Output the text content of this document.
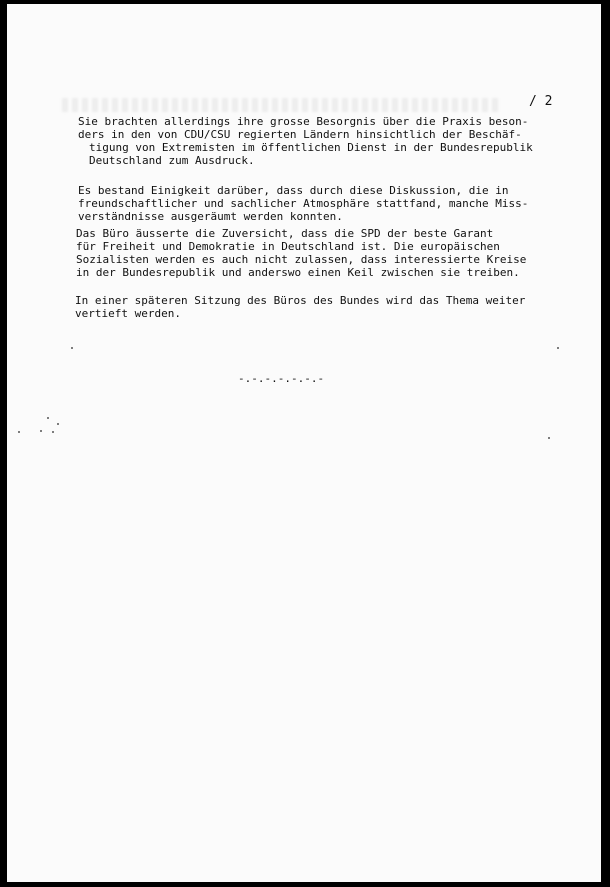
/ 2
Sie brachten allerdings ihre grosse Besorgnis über die Praxis beson-
ders in den von CDU/CSU regierten Ländern hinsichtlich der Beschäf-
tigung von Extremisten im öffentlichen Dienst in der Bundesrepublik
Deutschland zum Ausdruck.
Es bestand Einigkeit darüber, dass durch diese Diskussion, die in
freundschaftlicher und sachlicher Atmosphäre stattfand, manche Miss-
verständnisse ausgeräumt werden konnten.
Das Büro äusserte die Zuversicht, dass die SPD der beste Garant
für Freiheit und Demokratie in Deutschland ist. Die europäischen
Sozialisten werden es auch nicht zulassen, dass interessierte Kreise
in der Bundesrepublik und anderswo einen Keil zwischen sie treiben.
In einer späteren Sitzung des Büros des Bundes wird das Thema weiter
vertieft werden.
-.-.-.-.-.-.-
